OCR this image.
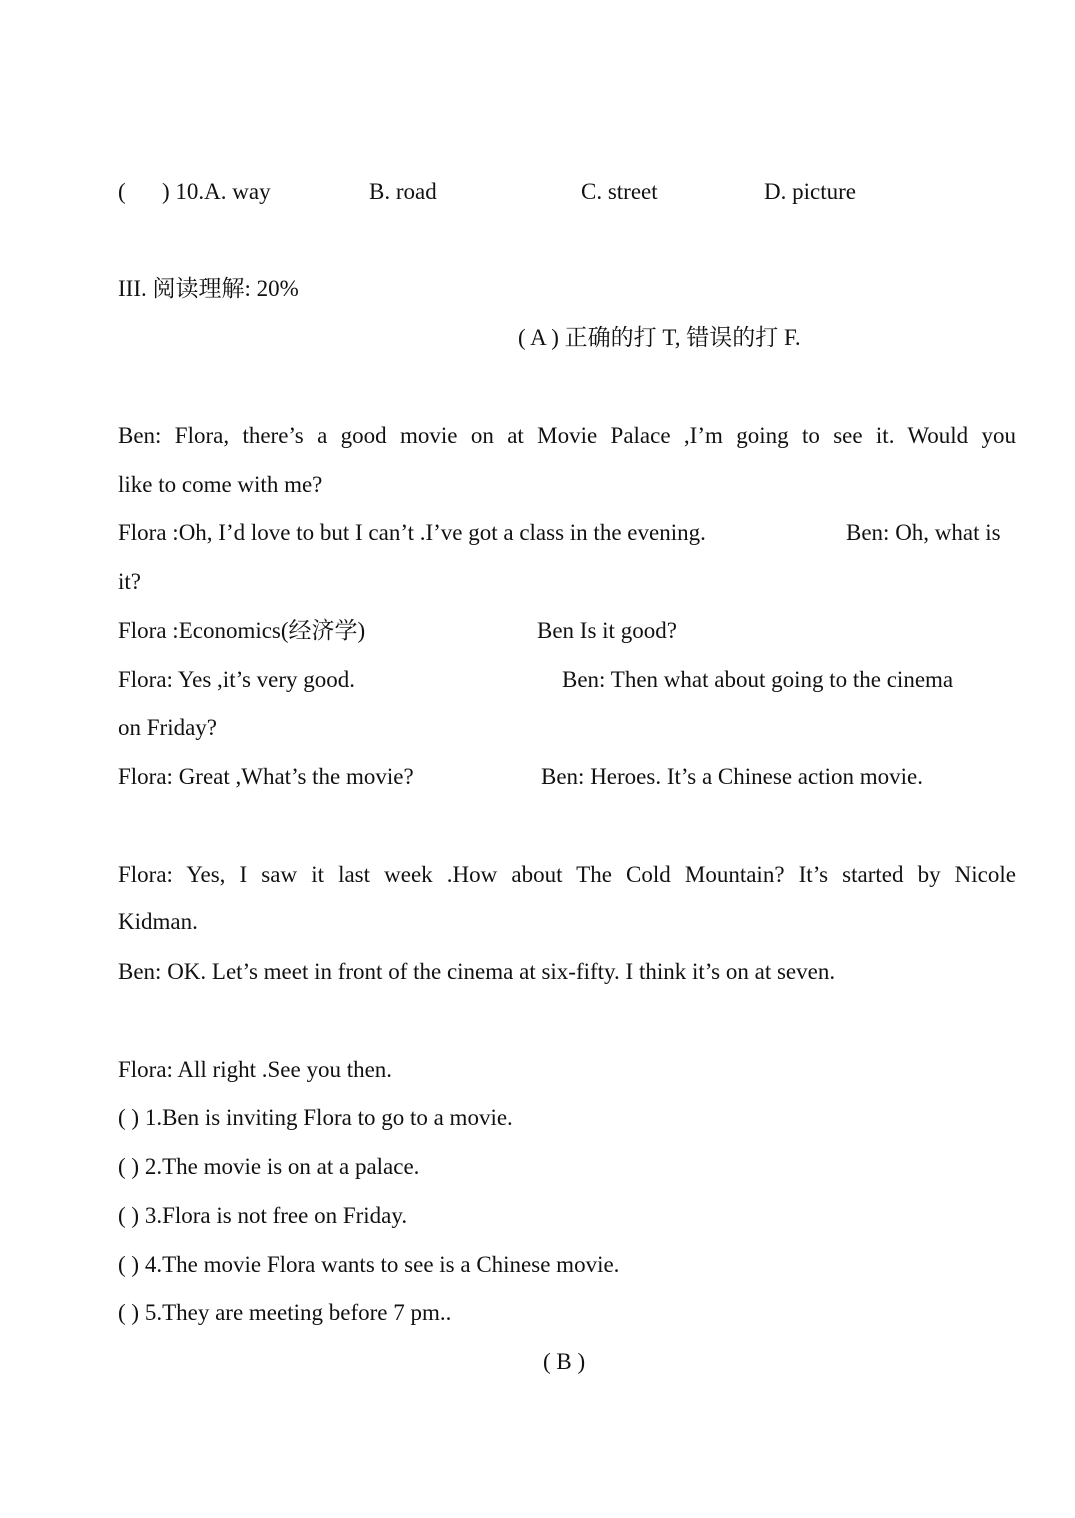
( ) 10.A. way	B. road	C. street	D. picture
III. 阅读理解: 20%
( A ) 正确的打 T, 错误的打 F.
Ben: Flora, there’s a good movie on at Movie Palace ,I’m going to see it. Would you
like to come with me?
Flora :Oh, I’d love to but I can’t .I’ve got a class in the evening.	Ben: Oh, what is
it?
Flora :Economics(经济学)	Ben Is it good?
Flora: Yes ,it’s very good.	Ben: Then what about going to the cinema
on Friday?
Flora: Great ,What’s the movie?	Ben: Heroes. It’s a Chinese action movie.
Flora: Yes, I saw it last week .How about The Cold Mountain? It’s started by Nicole
Kidman.
Ben: OK. Let’s meet in front of the cinema at six-fifty. I think it’s on at seven.
Flora: All right .See you then.
( ) 1.Ben is inviting Flora to go to a movie.
( ) 2.The movie is on at a palace.
( ) 3.Flora is not free on Friday.
( ) 4.The movie Flora wants to see is a Chinese movie.
( ) 5.They are meeting before 7 pm..
( B )
